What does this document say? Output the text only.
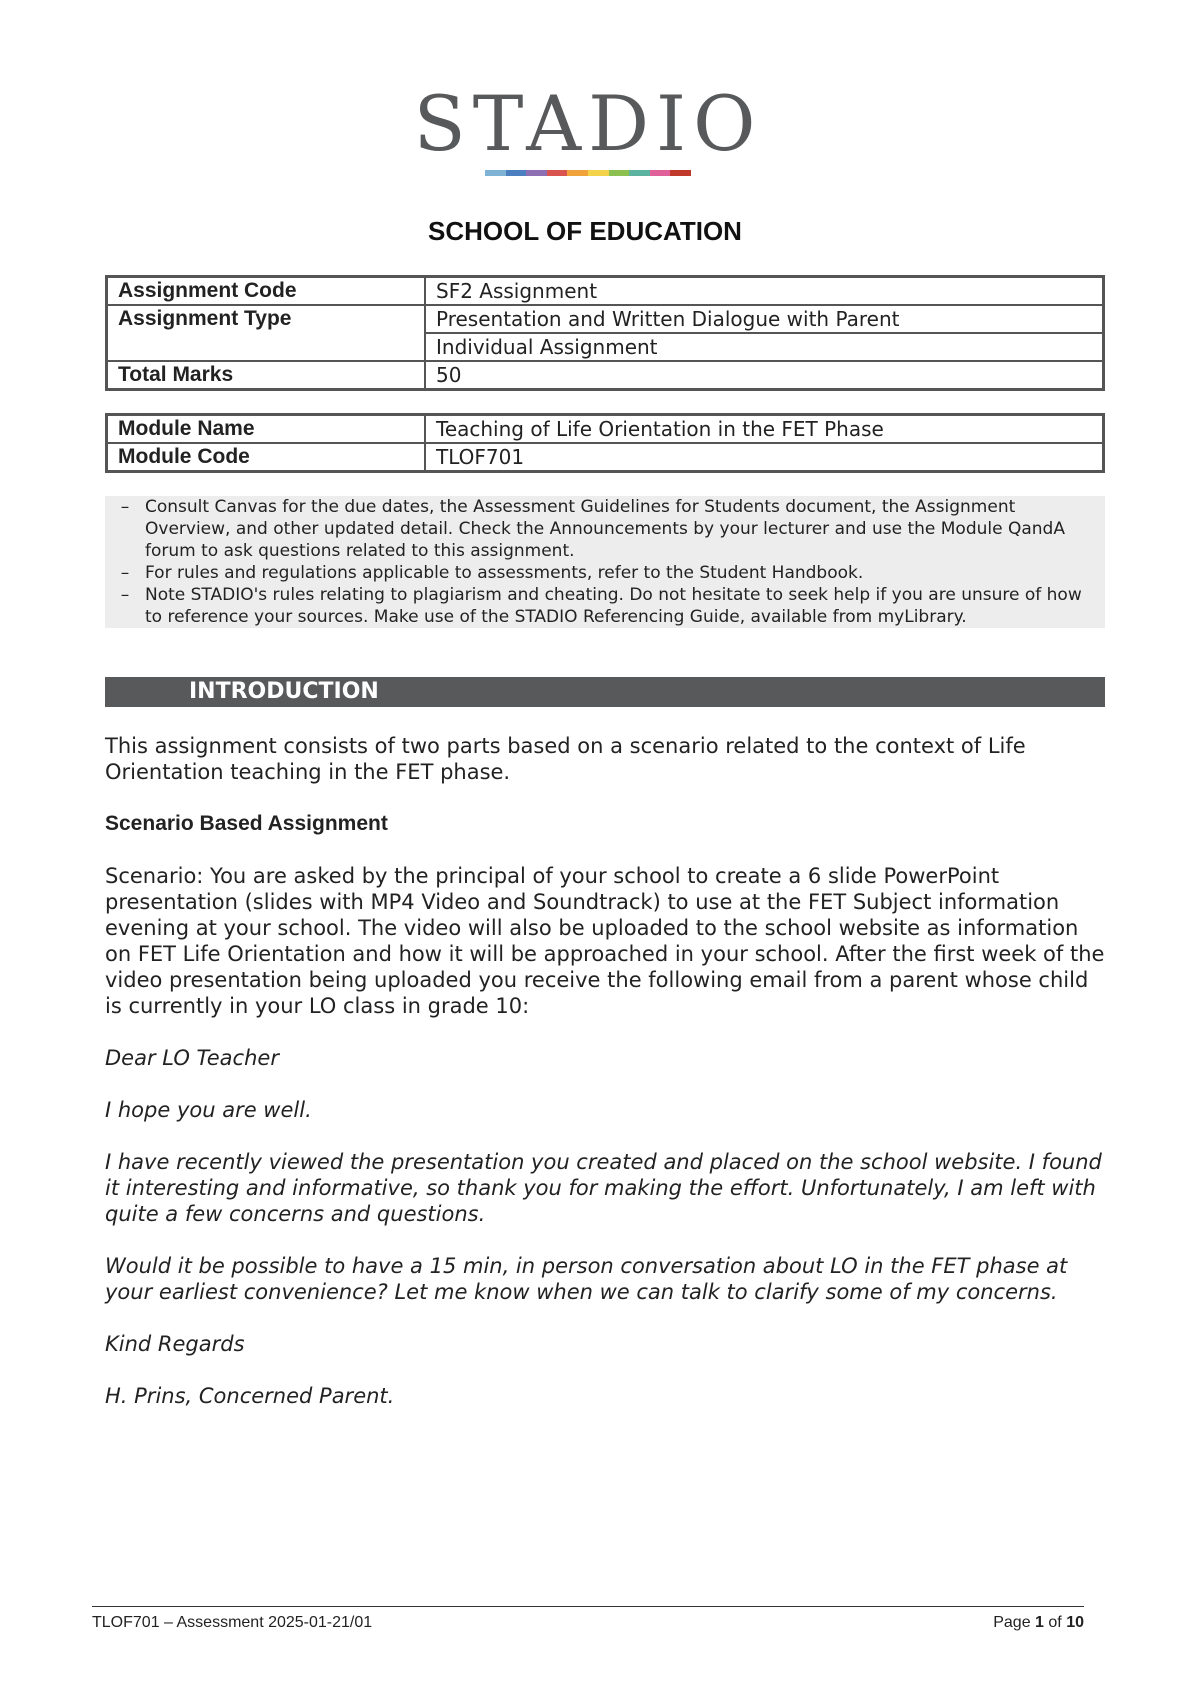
STADIO
SCHOOL OF EDUCATION
Assignment Code	SF2 Assignment
Assignment Type	Presentation and Written Dialogue with Parent
	Individual Assignment
Total Marks	50
Module Name	Teaching of Life Orientation in the FET Phase
Module Code	TLOF701
– Consult Canvas for the due dates, the Assessment Guidelines for Students document, the Assignment Overview, and other updated detail. Check the Announcements by your lecturer and use the Module QandA forum to ask questions related to this assignment.
– For rules and regulations applicable to assessments, refer to the Student Handbook.
– Note STADIO's rules relating to plagiarism and cheating. Do not hesitate to seek help if you are unsure of how to reference your sources. Make use of the STADIO Referencing Guide, available from myLibrary.
INTRODUCTION

This assignment consists of two parts based on a scenario related to the context of Life Orientation teaching in the FET phase.

Scenario Based Assignment

Scenario: You are asked by the principal of your school to create a 6 slide PowerPoint presentation (slides with MP4 Video and Soundtrack) to use at the FET Subject information evening at your school. The video will also be uploaded to the school website as information on FET Life Orientation and how it will be approached in your school. After the first week of the video presentation being uploaded you receive the following email from a parent whose child is currently in your LO class in grade 10:

Dear LO Teacher

I hope you are well.

I have recently viewed the presentation you created and placed on the school website. I found it interesting and informative, so thank you for making the effort. Unfortunately, I am left with quite a few concerns and questions.

Would it be possible to have a 15 min, in person conversation about LO in the FET phase at your earliest convenience? Let me know when we can talk to clarify some of my concerns.

Kind Regards

H. Prins, Concerned Parent.

TLOF701 – Assessment 2025-01-21/01	Page 1 of 10
